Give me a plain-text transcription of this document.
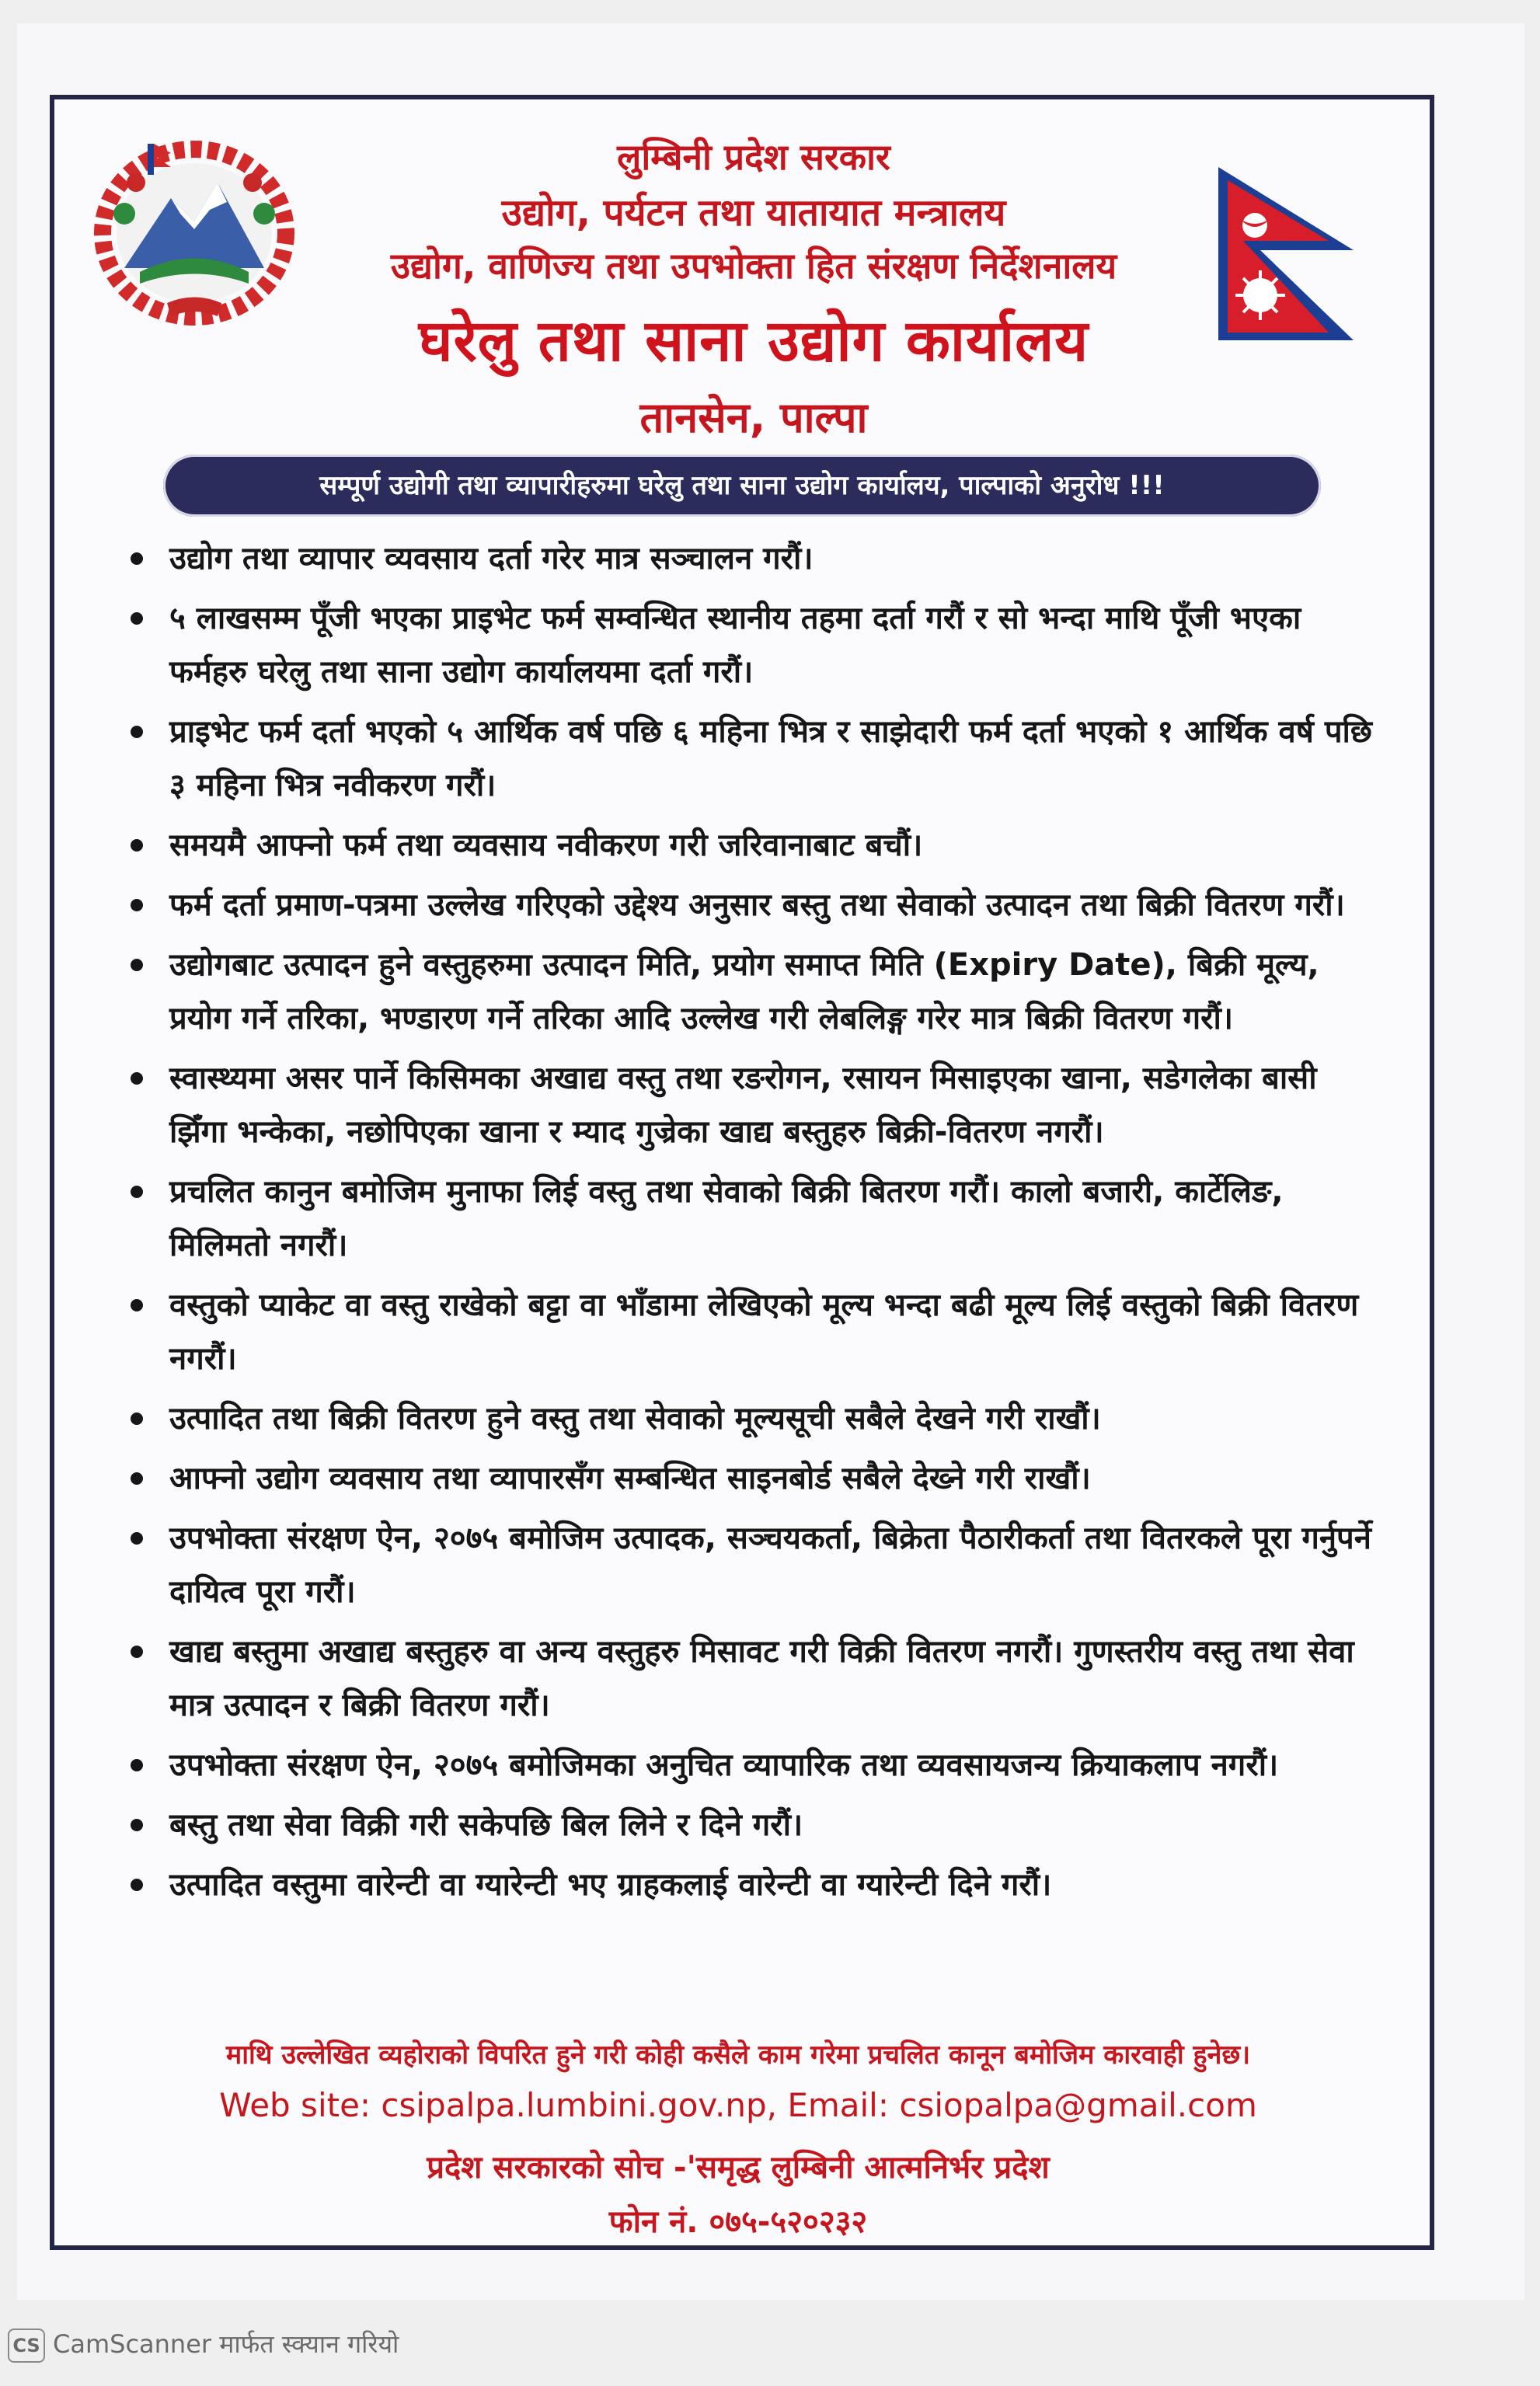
लुम्बिनी प्रदेश सरकार
उद्योग, पर्यटन तथा यातायात मन्त्रालय
उद्योग, वाणिज्य तथा उपभोक्ता हित संरक्षण निर्देशनालय
घरेलु तथा साना उद्योग कार्यालय
तानसेन, पाल्पा
सम्पूर्ण उद्योगी तथा व्यापारीहरुमा घरेलु तथा साना उद्योग कार्यालय, पाल्पाको अनुरोध !!!
उद्योग तथा व्यापार व्यवसाय दर्ता गरेर मात्र सञ्चालन गरौं।
५ लाखसम्म पूँजी भएका प्राइभेट फर्म सम्वन्धित स्थानीय तहमा दर्ता गरौं र सो भन्दा माथि पूँजी भएका फर्महरु घरेलु तथा साना उद्योग कार्यालयमा दर्ता गरौं।
प्राइभेट फर्म दर्ता भएको ५ आर्थिक वर्ष पछि ६ महिना भित्र र साझेदारी फर्म दर्ता भएको १ आर्थिक वर्ष पछि ३ महिना भित्र नवीकरण गरौं।
समयमै आफ्नो फर्म तथा व्यवसाय नवीकरण गरी जरिवानाबाट बचौं।
फर्म दर्ता प्रमाण-पत्रमा उल्लेख गरिएको उद्देश्य अनुसार बस्तु तथा सेवाको उत्पादन तथा बिक्री वितरण गरौं।
उद्योगबाट उत्पादन हुने वस्तुहरुमा उत्पादन मिति, प्रयोग समाप्त मिति (Expiry Date), बिक्री मूल्य, प्रयोग गर्ने तरिका, भण्डारण गर्ने तरिका आदि उल्लेख गरी लेबलिङ्ग गरेर मात्र बिक्री वितरण गरौं।
स्वास्थ्यमा असर पार्ने किसिमका अखाद्य वस्तु तथा रङरोगन, रसायन मिसाइएका खाना, सडेगलेका बासी झिँगा भन्केका, नछोपिएका खाना र म्याद गुज्रेका खाद्य बस्तुहरु बिक्री-वितरण नगरौं।
प्रचलित कानुन बमोजिम मुनाफा लिई वस्तु तथा सेवाको बिक्री बितरण गरौं। कालो बजारी, कार्टेलिङ, मिलिमतो नगरौं।
वस्तुको प्याकेट वा वस्तु राखेको बट्टा वा भाँडामा लेखिएको मूल्य भन्दा बढी मूल्य लिई वस्तुको बिक्री वितरण नगरौं।
उत्पादित तथा बिक्री वितरण हुने वस्तु तथा सेवाको मूल्यसूची सबैले देखने गरी राखौं।
आफ्नो उद्योग व्यवसाय तथा व्यापारसँग सम्बन्धित साइनबोर्ड सबैले देख्ने गरी राखौं।
उपभोक्ता संरक्षण ऐन, २०७५ बमोजिम उत्पादक, सञ्चयकर्ता, बिक्रेता पैठारीकर्ता तथा वितरकले पूरा गर्नुपर्ने दायित्व पूरा गरौं।
खाद्य बस्तुमा अखाद्य बस्तुहरु वा अन्य वस्तुहरु मिसावट गरी विक्री वितरण नगरौं। गुणस्तरीय वस्तु तथा सेवा मात्र उत्पादन र बिक्री वितरण गरौं।
उपभोक्ता संरक्षण ऐन, २०७५ बमोजिमका अनुचित व्यापारिक तथा व्यवसायजन्य क्रियाकलाप नगरौं।
बस्तु तथा सेवा विक्री गरी सकेपछि बिल लिने र दिने गरौं।
उत्पादित वस्तुमा वारेन्टी वा ग्यारेन्टी भए ग्राहकलाई वारेन्टी वा ग्यारेन्टी दिने गरौं।
माथि उल्लेखित व्यहोराको विपरित हुने गरी कोही कसैले काम गरेमा प्रचलित कानून बमोजिम कारवाही हुनेछ।
Web site: csipalpa.lumbini.gov.np, Email: csiopalpa@gmail.com
प्रदेश सरकारको सोच -'समृद्ध लुम्बिनी आत्मनिर्भर प्रदेश
फोन नं. ०७५-५२०२३२
CS CamScanner मार्फत स्क्यान गरियो
